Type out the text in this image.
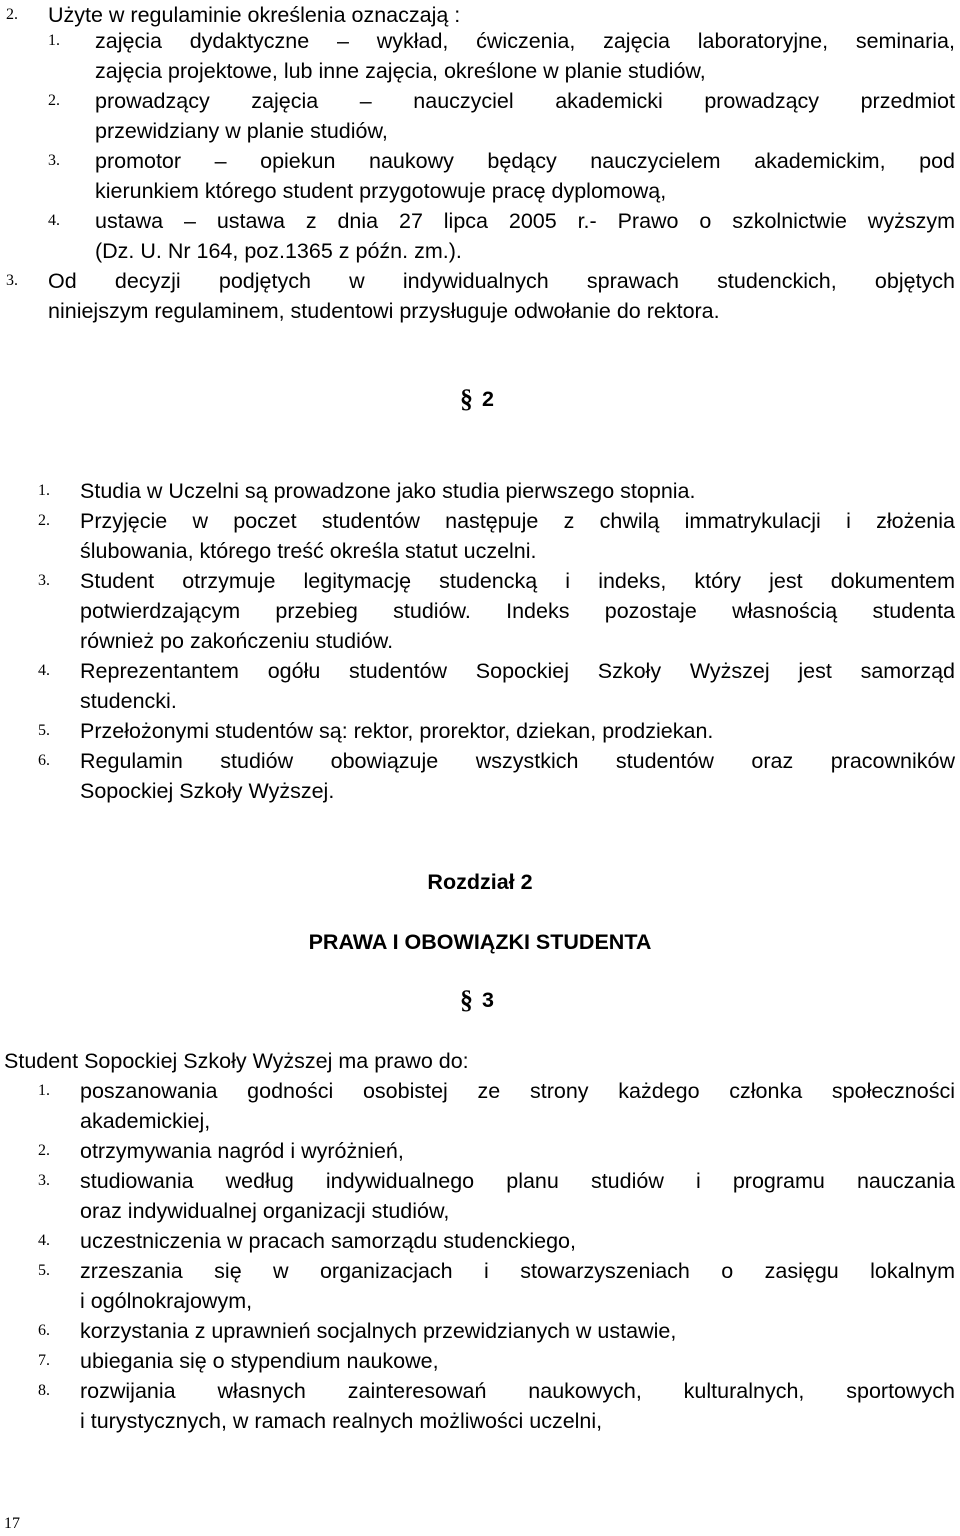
2. Użyte w regulaminie określenia oznaczają :
1. zajęcia dydaktyczne – wykład, ćwiczenia, zajęcia laboratoryjne, seminaria,
zajęcia projektowe, lub inne zajęcia, określone w planie studiów,
2. prowadzący zajęcia – nauczyciel akademicki prowadzący przedmiot
przewidziany w planie studiów,
3. promotor – opiekun naukowy będący nauczycielem akademickim, pod
kierunkiem którego student przygotowuje pracę dyplomową,
4. ustawa – ustawa z dnia 27 lipca 2005 r.- Prawo o szkolnictwie wyższym
(Dz. U. Nr 164, poz.1365 z późn. zm.).
3. Od decyzji podjętych w indywidualnych sprawach studenckich, objętych
niniejszym regulaminem, studentowi przysługuje odwołanie do rektora.
§ 2
1. Studia w Uczelni są prowadzone jako studia pierwszego stopnia.
2. Przyjęcie w poczet studentów następuje z chwilą immatrykulacji i złożenia
ślubowania, którego treść określa statut uczelni.
3. Student otrzymuje legitymację studencką i indeks, który jest dokumentem
potwierdzającym przebieg studiów. Indeks pozostaje własnością studenta
również po zakończeniu studiów.
4. Reprezentantem ogółu studentów Sopockiej Szkoły Wyższej jest samorząd
studencki.
5. Przełożonymi studentów są: rektor, prorektor, dziekan, prodziekan.
6. Regulamin studiów obowiązuje wszystkich studentów oraz pracowników
Sopockiej Szkoły Wyższej.
Rozdział 2
PRAWA I OBOWIĄZKI STUDENTA
§ 3
Student Sopockiej Szkoły Wyższej ma prawo do:
1. poszanowania godności osobistej ze strony każdego członka społeczności
akademickiej,
2. otrzymywania nagród i wyróżnień,
3. studiowania według indywidualnego planu studiów i programu nauczania
oraz indywidualnej organizacji studiów,
4. uczestniczenia w pracach samorządu studenckiego,
5. zrzeszania się w organizacjach i stowarzyszeniach o zasięgu lokalnym
i ogólnokrajowym,
6. korzystania z uprawnień socjalnych przewidzianych w ustawie,
7. ubiegania się o stypendium naukowe,
8. rozwijania własnych zainteresowań naukowych, kulturalnych, sportowych
i turystycznych, w ramach realnych możliwości uczelni,
17
